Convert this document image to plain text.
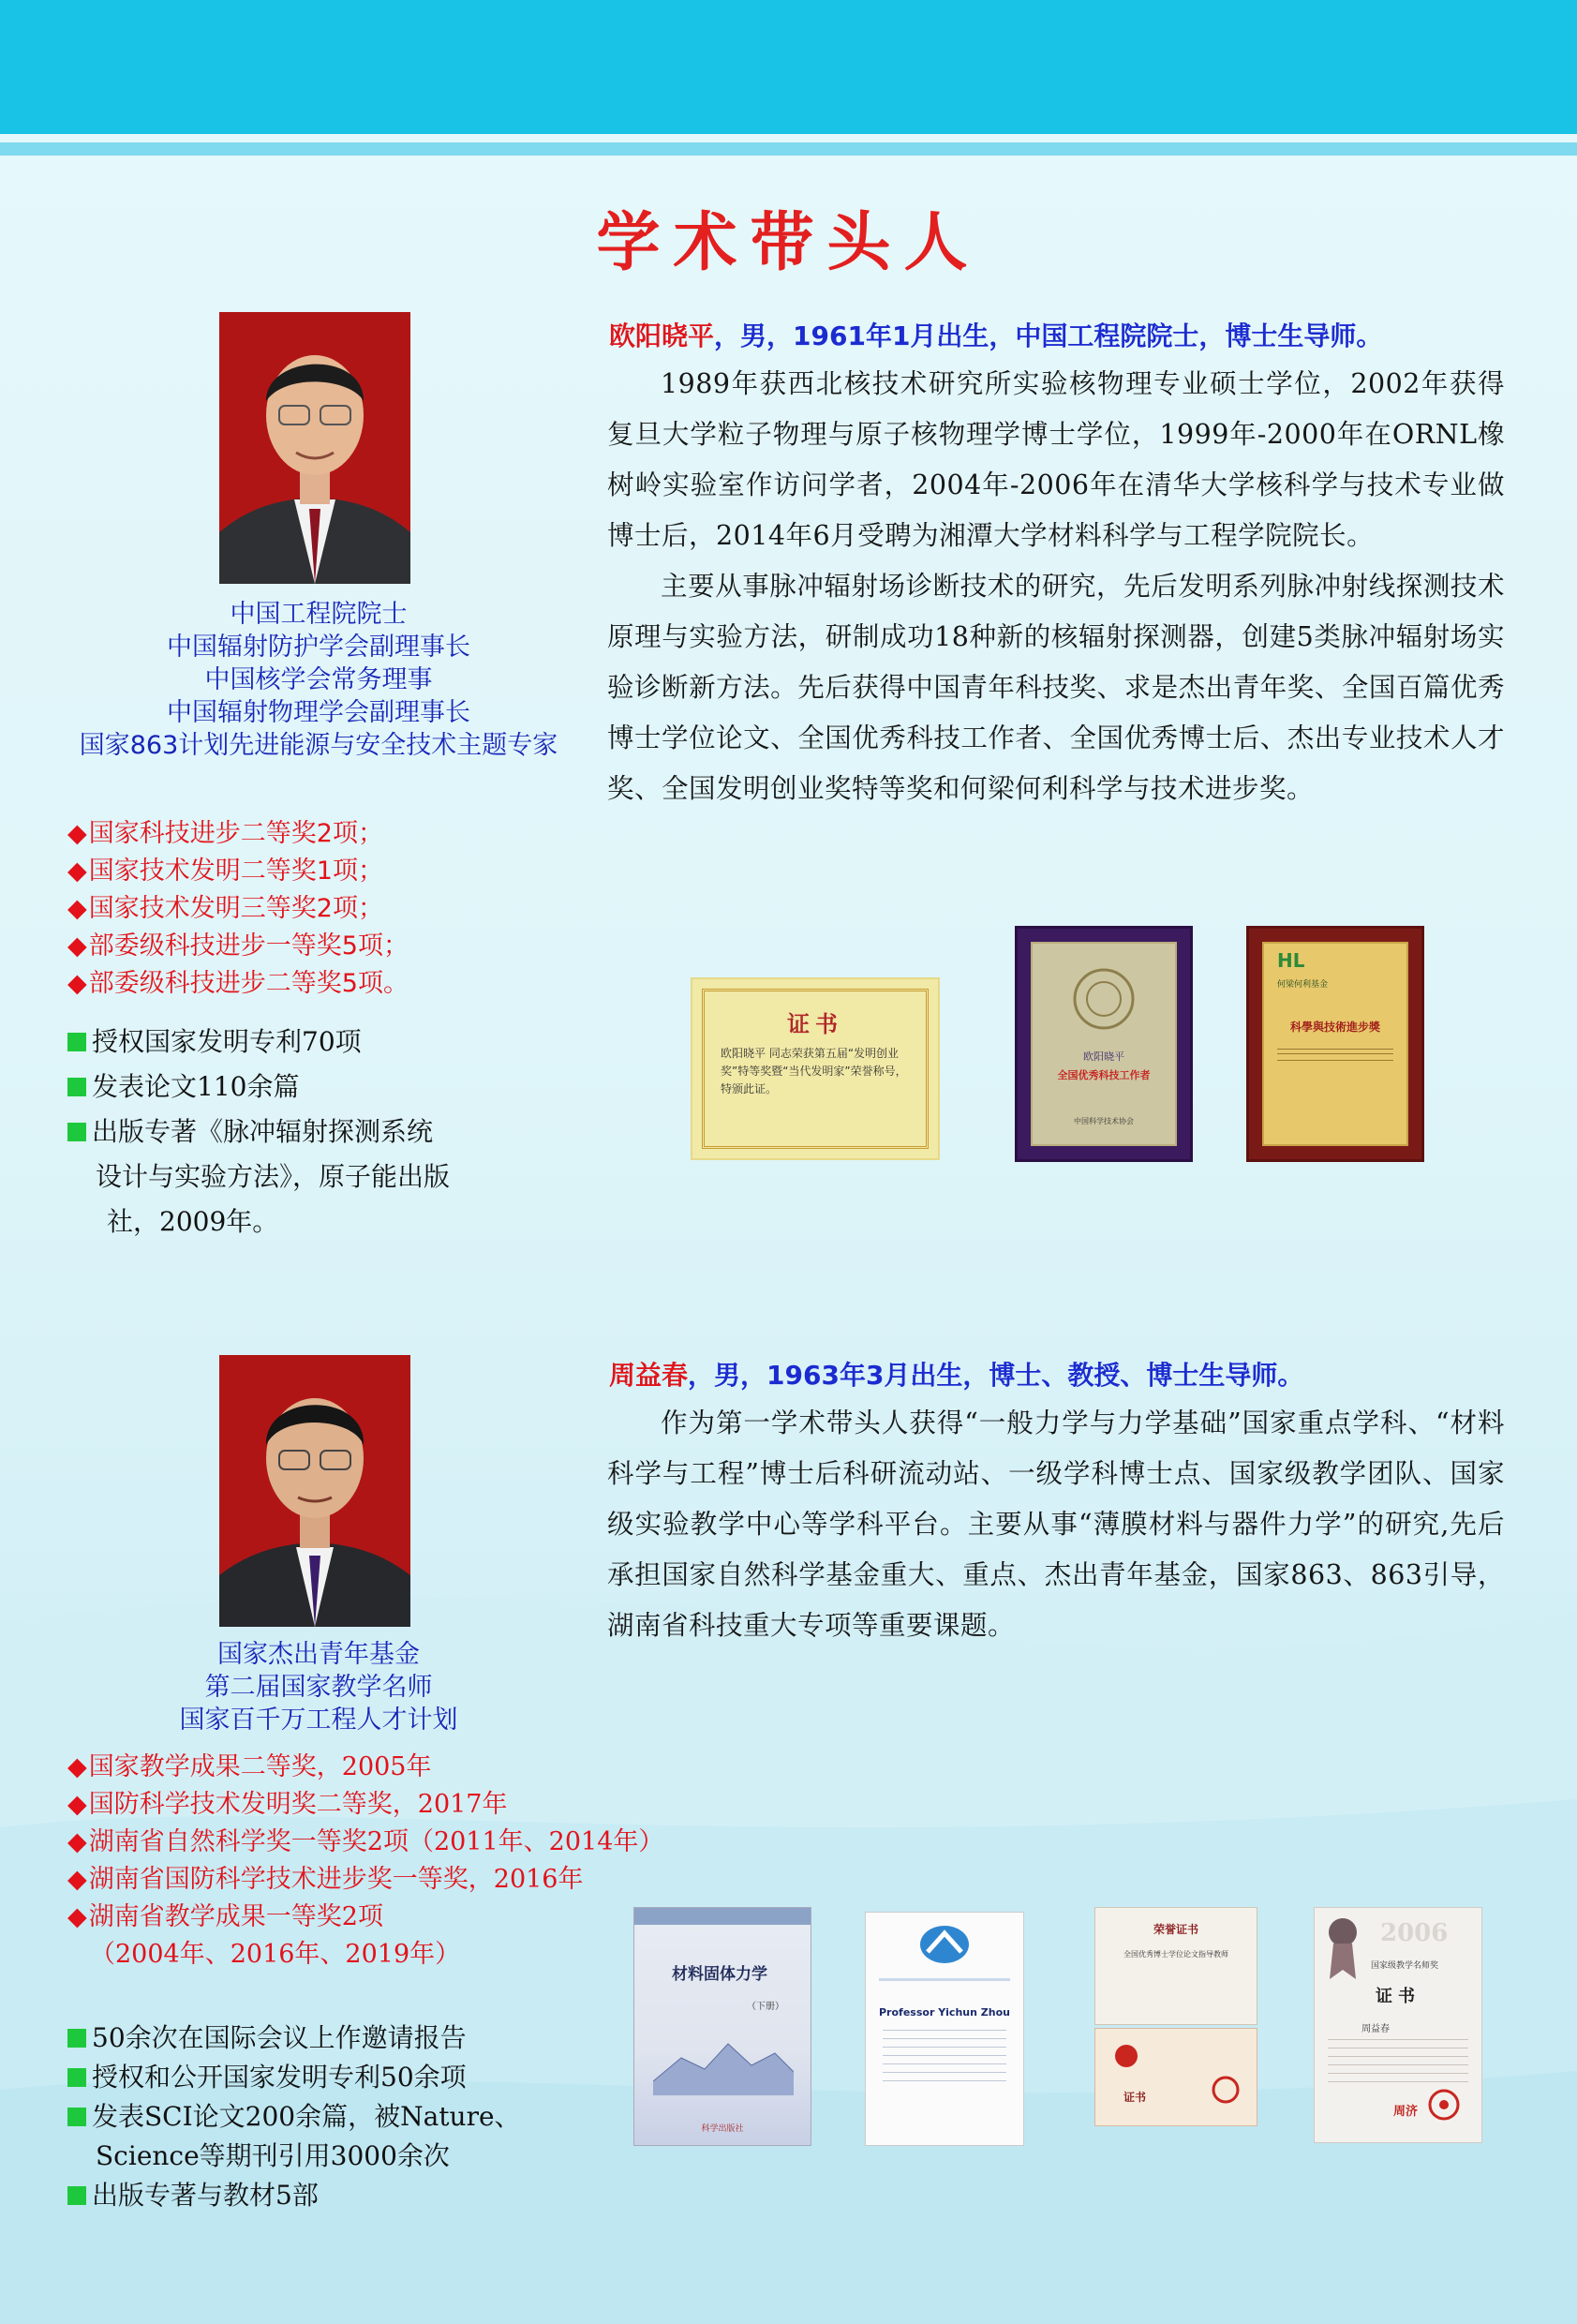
学术带头人
中国工程院院士
中国辐射防护学会副理事长
中国核学会常务理事
中国辐射物理学会副理事长
国家863计划先进能源与安全技术主题专家
◆国家科技进步二等奖2项；
◆国家技术发明二等奖1项；
◆国家技术发明三等奖2项；
◆部委级科技进步一等奖5项；
◆部委级科技进步二等奖5项。
授权国家发明专利70项
发表论文110余篇
出版专著《脉冲辐射探测系统
设计与实验方法》，原子能出版
社，2009年。
欧阳晓平，男，1961年1月出生，中国工程院院士，博士生导师。

1989年获西北核技术研究所实验核物理专业硕士学位，2002年获得复旦大学粒子物理与原子核物理学博士学位，1999年-2000年在ORNL橡树岭实验室作访问学者，2004年-2006年在清华大学核科学与技术专业做博士后，2014年6月受聘为湘潭大学材料科学与工程学院院长。

主要从事脉冲辐射场诊断技术的研究，先后发明系列脉冲射线探测技术原理与实验方法，研制成功18种新的核辐射探测器，创建5类脉冲辐射场实验诊断新方法。先后获得中国青年科技奖、求是杰出青年奖、全国百篇优秀博士学位论文、全国优秀科技工作者、全国优秀博士后、杰出专业技术人才奖、全国发明创业奖特等奖和何梁何利科学与技术进步奖。

证书
欧阳晓平 同志荣获第五届“发明创业奖”特等奖暨“当代发明家”荣誉称号，特颁此证。
欧阳晓平
全国优秀科技工作者
中国科学技术协会
HL
何梁何利基金
科學與技術進步獎
国家杰出青年基金
第二届国家教学名师
国家百千万工程人才计划
◆国家教学成果二等奖，2005年
◆国防科学技术发明奖二等奖，2017年
◆湖南省自然科学奖一等奖2项（2011年、2014年）
◆湖南省国防科学技术进步奖一等奖，2016年
◆湖南省教学成果一等奖2项
（2004年、2016年、2019年）
50余次在国际会议上作邀请报告
授权和公开国家发明专利50余项
发表SCI论文200余篇，被Nature、
Science等期刊引用3000余次
出版专著与教材5部
周益春，男，1963年3月出生，博士、教授、博士生导师。

作为第一学术带头人获得“一般力学与力学基础”国家重点学科、“材料科学与工程”博士后科研流动站、一级学科博士点、国家级教学团队、国家级实验教学中心等学科平台。主要从事“薄膜材料与器件力学”的研究,先后承担国家自然科学基金重大、重点、杰出青年基金，国家863、863引导，湖南省科技重大专项等重要课题。

材料固体力学
（下册）
科学出版社
Professor Yichun Zhou
荣誉证书
全国优秀博士学位论文指导教师
证书
2006
国家级教学名师奖
证书
周益春
周济
